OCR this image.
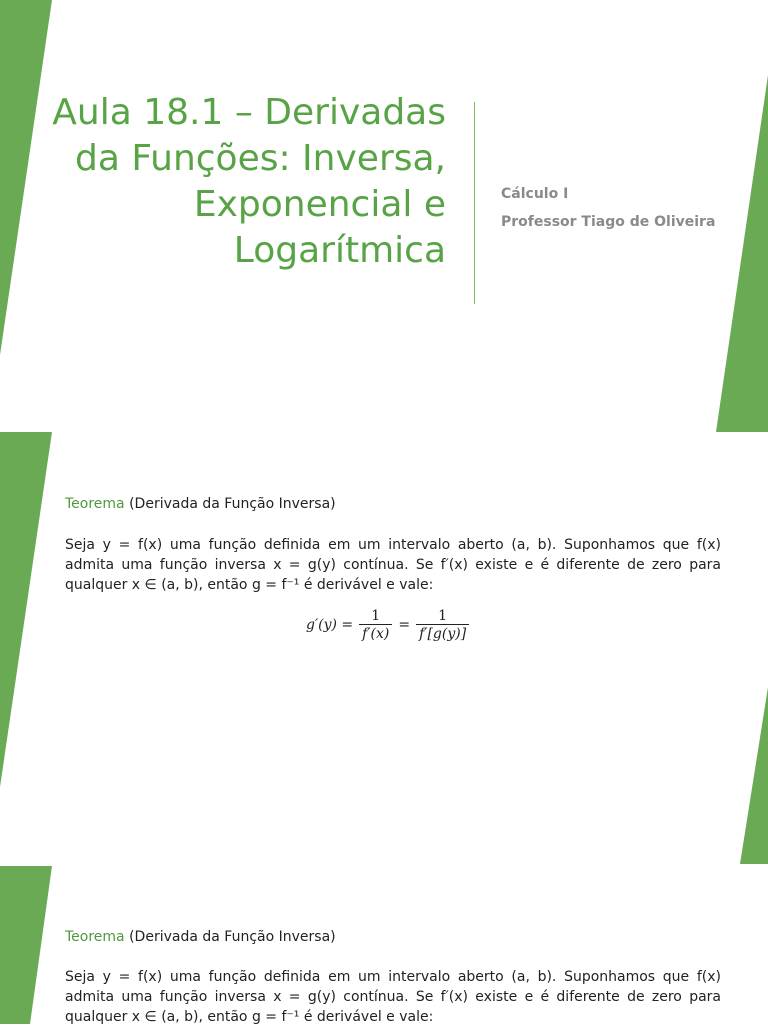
Aula 18.1 – Derivadas
da Funções: Inversa,
Exponencial e
Logarítmica
Cálculo I
Professor Tiago de Oliveira
Teorema (Derivada da Função Inversa)
Seja y = f(x) uma função definida em um intervalo aberto (a, b). Suponhamos que f(x)
admita uma função inversa x = g(y) contínua. Se f′(x) existe e é diferente de zero para
qualquer x ∈ (a, b), então g = f⁻¹ é derivável e vale:
$g'(y) = \frac{1}{f'(x)} = \frac{1}{f'[g(y)]}$
Teorema (Derivada da Função Inversa)
Seja y = f(x) uma função definida em um intervalo aberto (a, b). Suponhamos que f(x)
admita uma função inversa x = g(y) contínua. Se f′(x) existe e é diferente de zero para
qualquer x ∈ (a, b), então g = f⁻¹ é derivável e vale:
